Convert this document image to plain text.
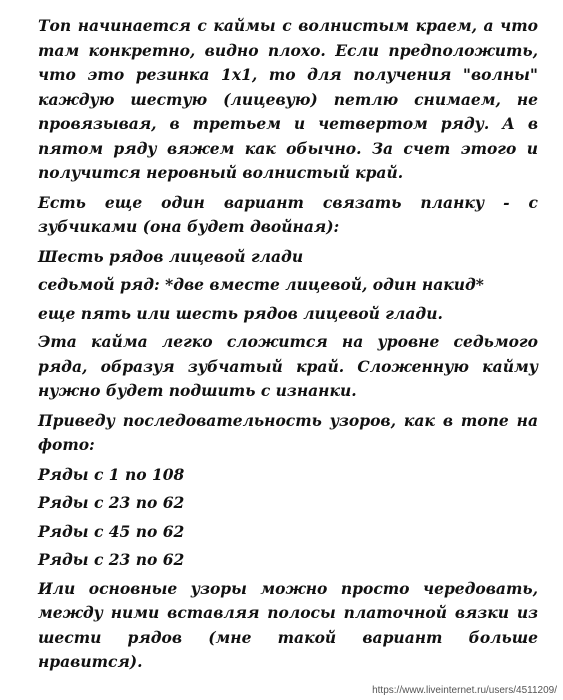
Топ начинается с каймы с волнистым краем, а что там конкретно, видно плохо. Если предположить, что это резинка 1х1, то для получения "волны" каждую шестую (лицевую) петлю снимаем, не провязывая, в третьем и четвертом ряду. А в пятом ряду вяжем как обычно. За счет этого и получится неровный волнистый край.

Есть еще один вариант связать планку - с зубчиками (она будет двойная):

Шесть рядов лицевой глади

седьмой ряд: *две вместе лицевой, один накид*

еще пять или шесть рядов лицевой глади.

Эта кайма легко сложится на уровне седьмого ряда, образуя зубчатый край. Сложенную кайму нужно будет подшить с изнанки.

Приведу последовательность узоров, как в топе на фото:

Ряды с 1 по 108

Ряды с 23 по 62

Ряды с 45 по 62

Ряды с 23 по 62

Или основные узоры можно просто чередовать, между ними вставляя полосы платочной вязки из шести рядов (мне такой вариант больше нравится).

https://www.liveinternet.ru/users/4511209/
